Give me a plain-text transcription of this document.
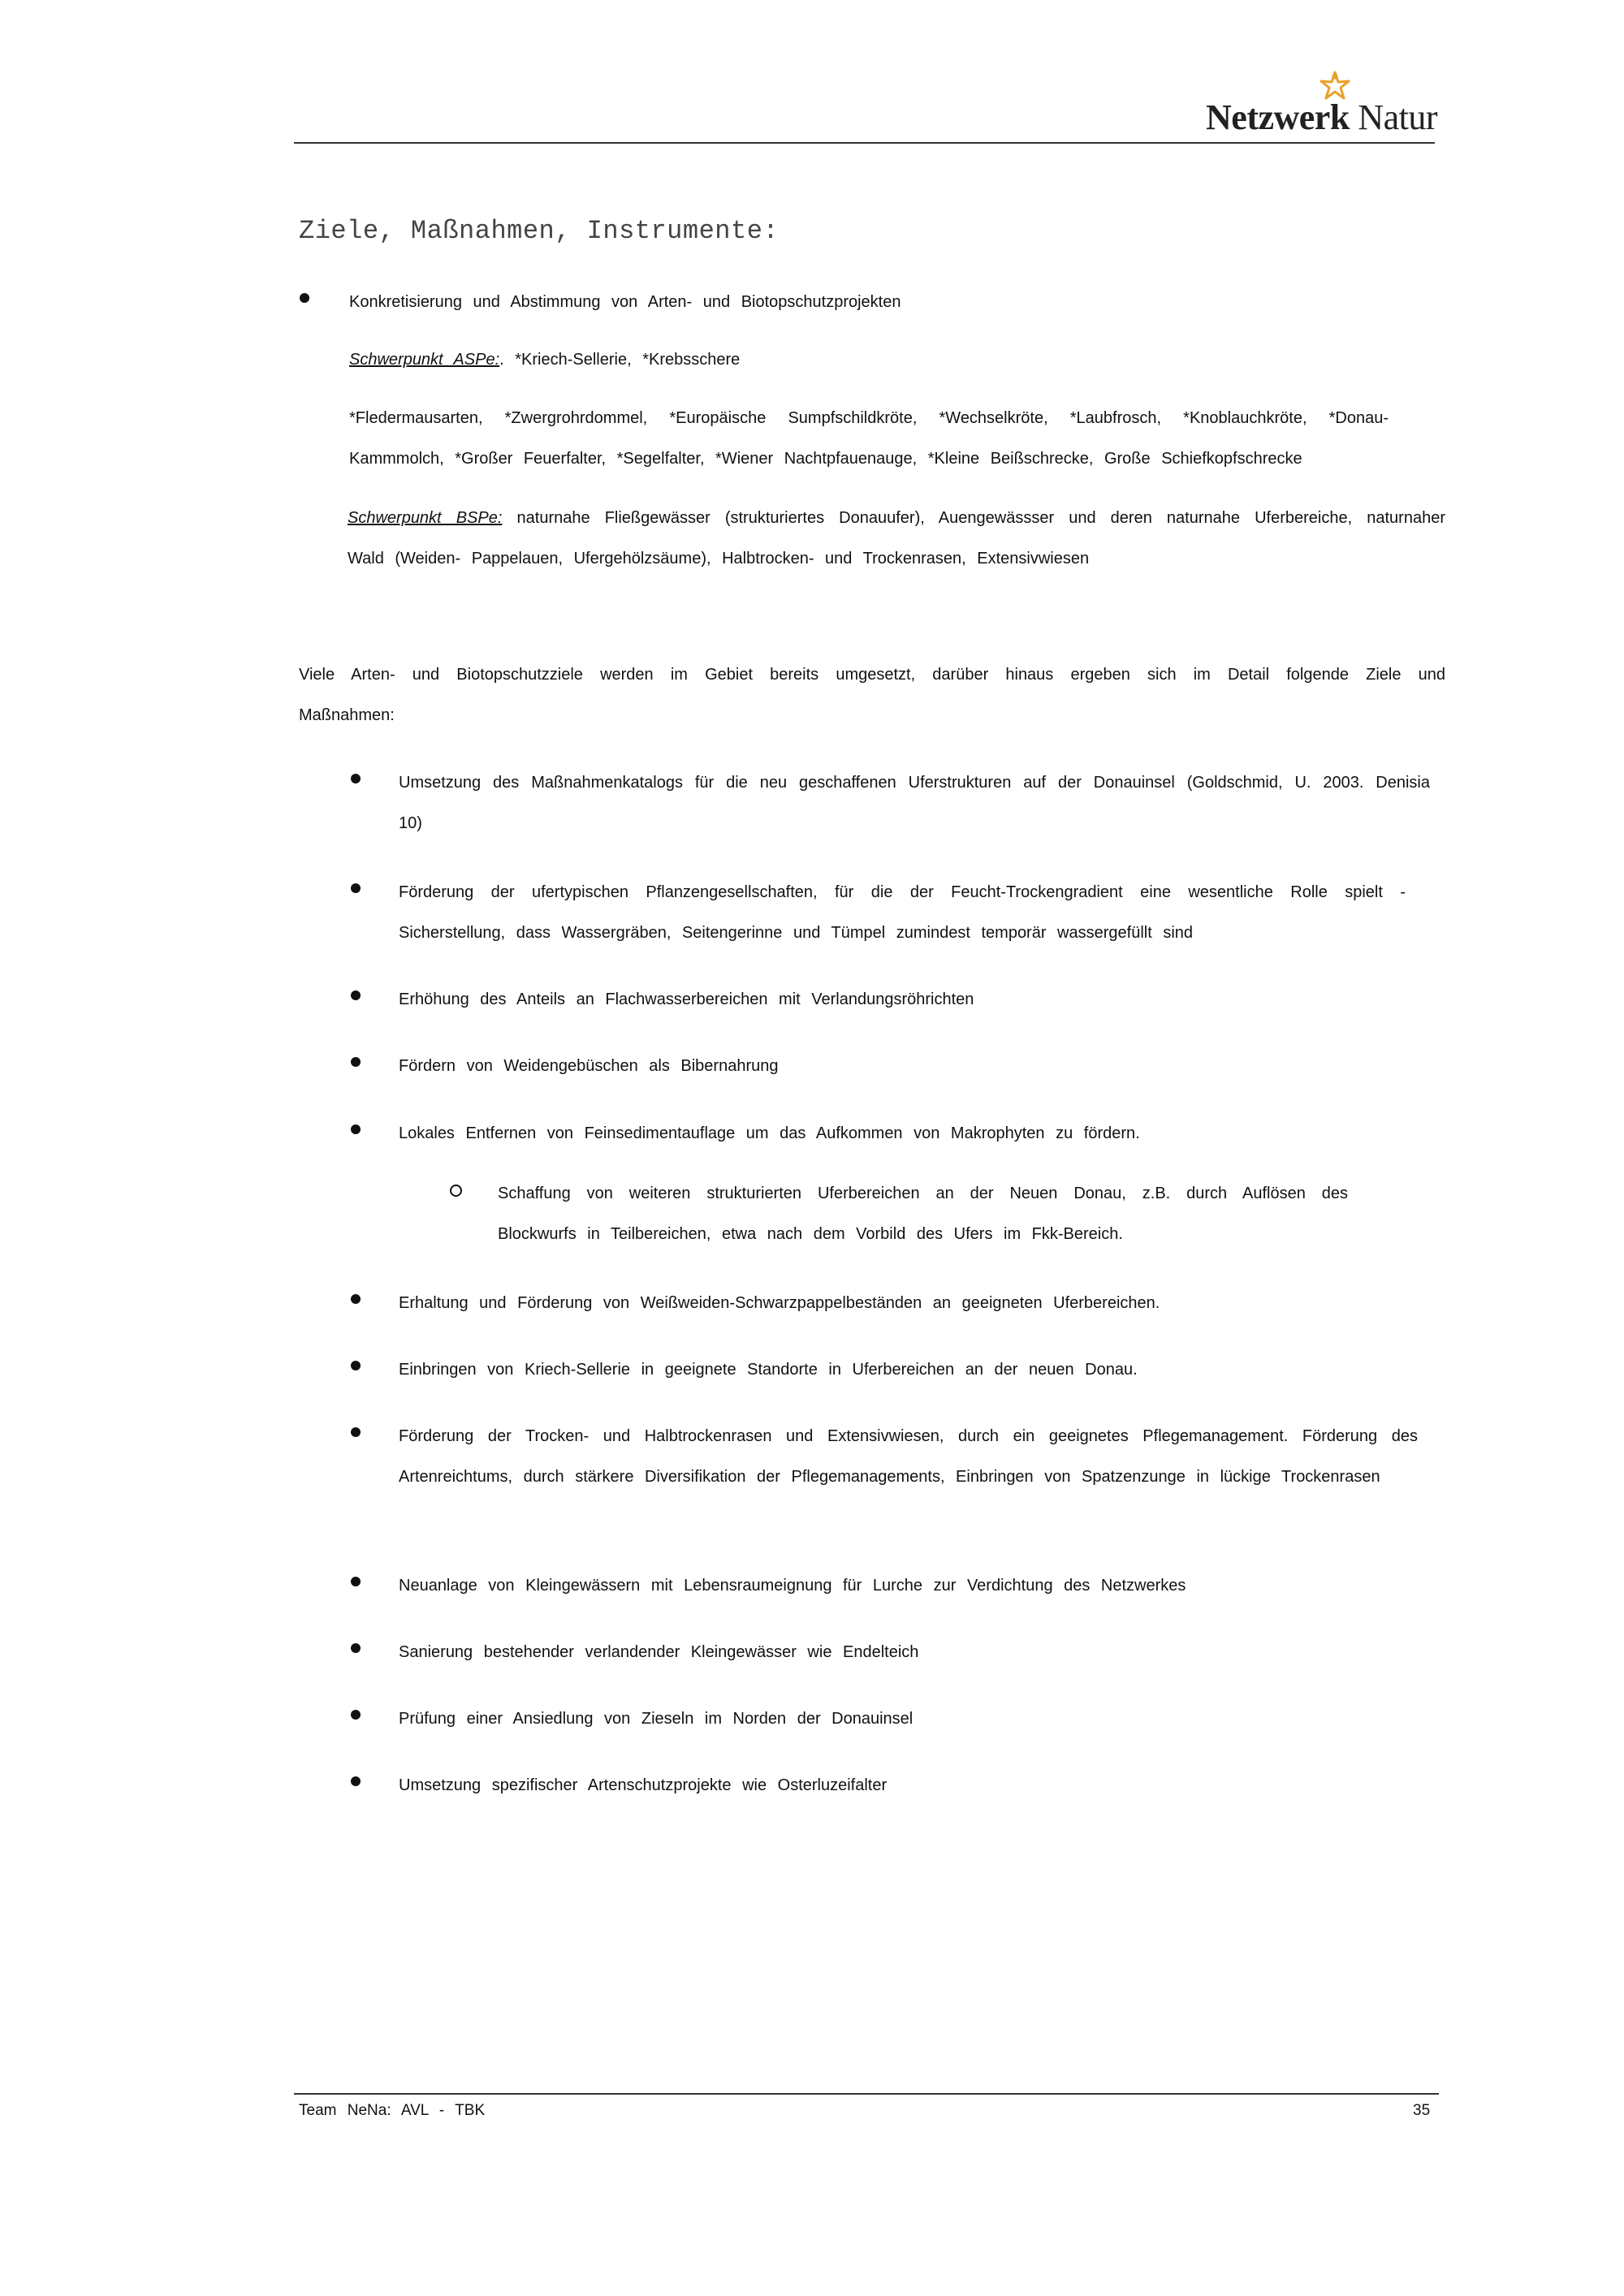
Netzwerk Natur
Ziele, Maßnahmen, Instrumente:
Konkretisierung und Abstimmung von Arten- und Biotopschutzprojekten
Schwerpunkt ASPe:. *Kriech-Sellerie, *Krebsschere
*Fledermausarten, *Zwergrohrdommel, *Europäische Sumpfschildkröte, *Wechselkröte, *Laubfrosch, *Knoblauchkröte, *Donau-Kammmolch, *Großer Feuerfalter, *Segelfalter, *Wiener Nachtpfauenauge, *Kleine Beißschrecke, Große Schiefkopfschrecke
Schwerpunkt BSPe: naturnahe Fließgewässer (strukturiertes Donauufer), Auengewässser und deren naturnahe Uferbereiche, naturnaher Wald (Weiden- Pappelauen, Ufergehölzsäume), Halbtrocken- und Trockenrasen, Extensivwiesen
Viele Arten- und Biotopschutzziele werden im Gebiet bereits umgesetzt, darüber hinaus ergeben sich im Detail folgende Ziele und Maßnahmen:
Umsetzung des Maßnahmenkatalogs für die neu geschaffenen Uferstrukturen auf der Donauinsel (Goldschmid, U. 2003. Denisia 10)
Förderung der ufertypischen Pflanzengesellschaften, für die der Feucht-Trockengradient eine wesentliche Rolle spielt - Sicherstellung, dass Wassergräben, Seitengerinne und Tümpel zumindest temporär wassergefüllt sind
Erhöhung des Anteils an Flachwasserbereichen mit Verlandungsröhrichten
Fördern von Weidengebüschen als Bibernahrung
Lokales Entfernen von Feinsedimentauflage um das Aufkommen von Makrophyten zu fördern.
Schaffung von weiteren strukturierten Uferbereichen an der Neuen Donau, z.B. durch Auflösen des Blockwurfs in Teilbereichen, etwa nach dem Vorbild des Ufers im Fkk-Bereich.
Erhaltung und Förderung von Weißweiden-Schwarzpappelbeständen an geeigneten Uferbereichen.
Einbringen von Kriech-Sellerie in geeignete Standorte in Uferbereichen an der neuen Donau.
Förderung der Trocken- und Halbtrockenrasen und Extensivwiesen, durch ein geeignetes Pflegemanagement. Förderung des Artenreichtums, durch stärkere Diversifikation der Pflegemanagements, Einbringen von Spatzenzunge in lückige Trockenrasen
Neuanlage von Kleingewässern mit Lebensraumeignung für Lurche zur Verdichtung des Netzwerkes
Sanierung bestehender verlandender Kleingewässer wie Endelteich
Prüfung einer Ansiedlung von Zieseln im Norden der Donauinsel
Umsetzung spezifischer Artenschutzprojekte wie Osterluzeifalter
Team NeNa: AVL - TBK	35
